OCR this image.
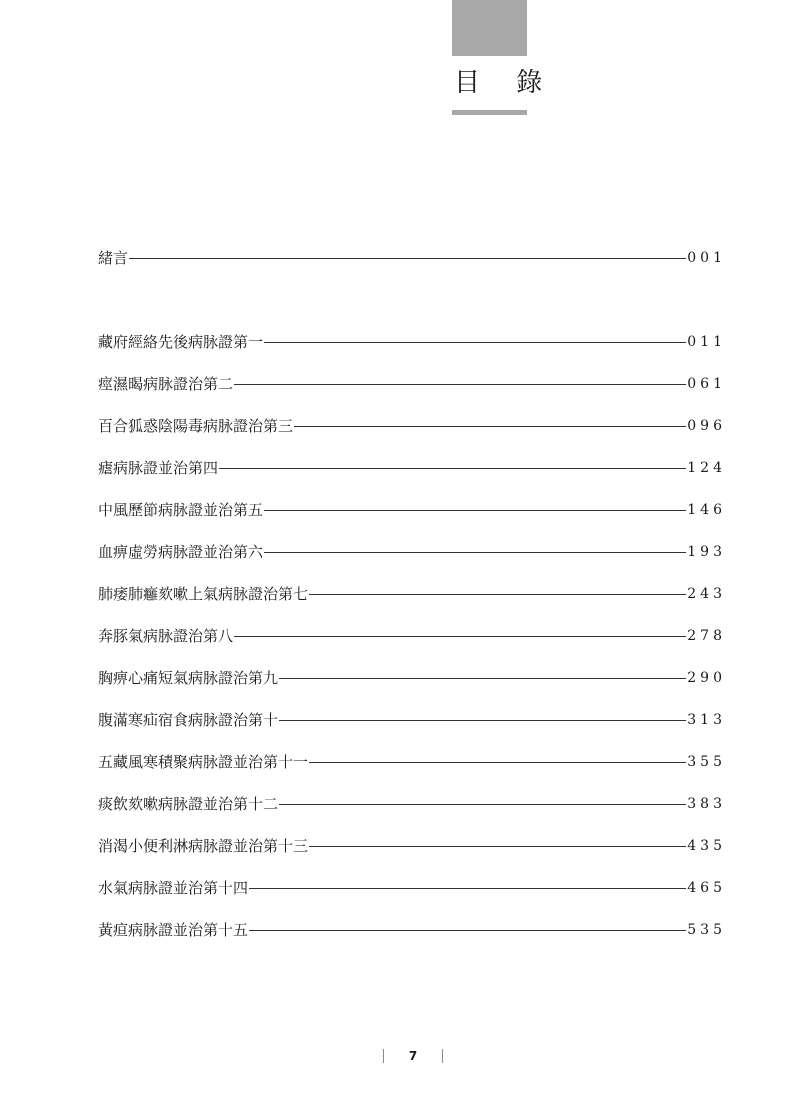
目 錄
緒言	001
藏府經絡先後病脉證第一	011
痙濕暍病脉證治第二	061
百合狐惑陰陽毒病脉證治第三	096
瘧病脉證並治第四	124
中風歷節病脉證並治第五	146
血痹虛勞病脉證並治第六	193
肺痿肺癰欬嗽上氣病脉證治第七	243
奔豚氣病脉證治第八	278
胸痹心痛短氣病脉證治第九	290
腹滿寒疝宿食病脉證治第十	313
五藏風寒積聚病脉證並治第十一	355
痰飲欬嗽病脉證並治第十二	383
消渴小便利淋病脉證並治第十三	435
水氣病脉證並治第十四	465
黃疸病脉證並治第十五	535
7
